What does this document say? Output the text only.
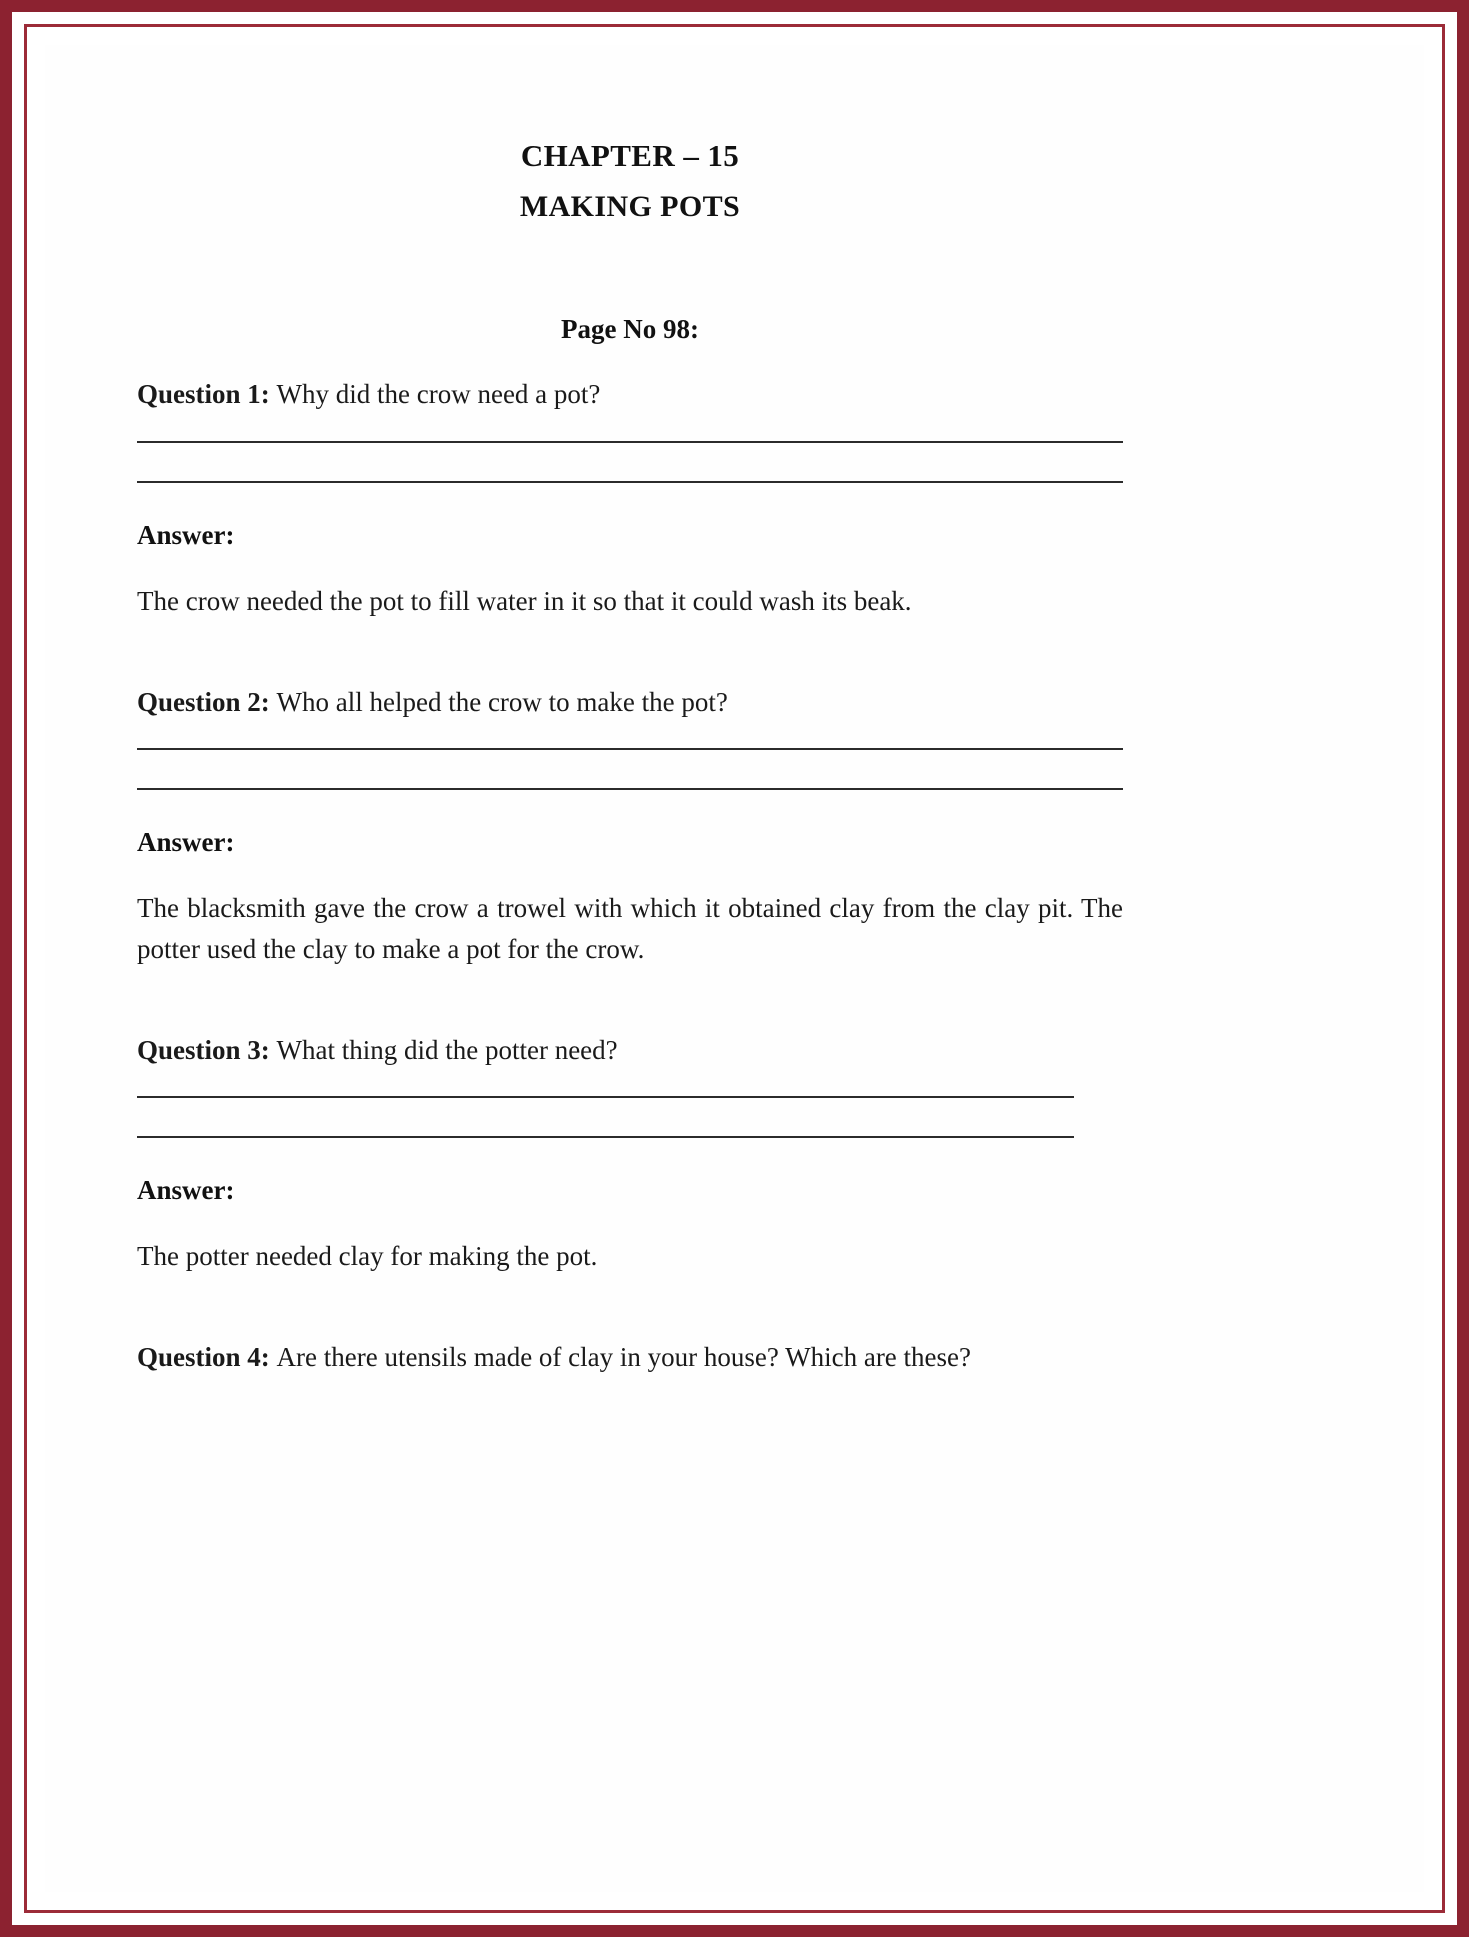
CHAPTER – 15
MAKING POTS
Page No 98:

Question 1: Why did the crow need a pot?

Answer:

The crow needed the pot to fill water in it so that it could wash its beak.

Question 2: Who all helped the crow to make the pot?

Answer:

The blacksmith gave the crow a trowel with which it obtained clay from the clay pit. The potter used the clay to make a pot for the crow.

Question 3: What thing did the potter need?

Answer:

The potter needed clay for making the pot.

Question 4: Are there utensils made of clay in your house? Which are these?
